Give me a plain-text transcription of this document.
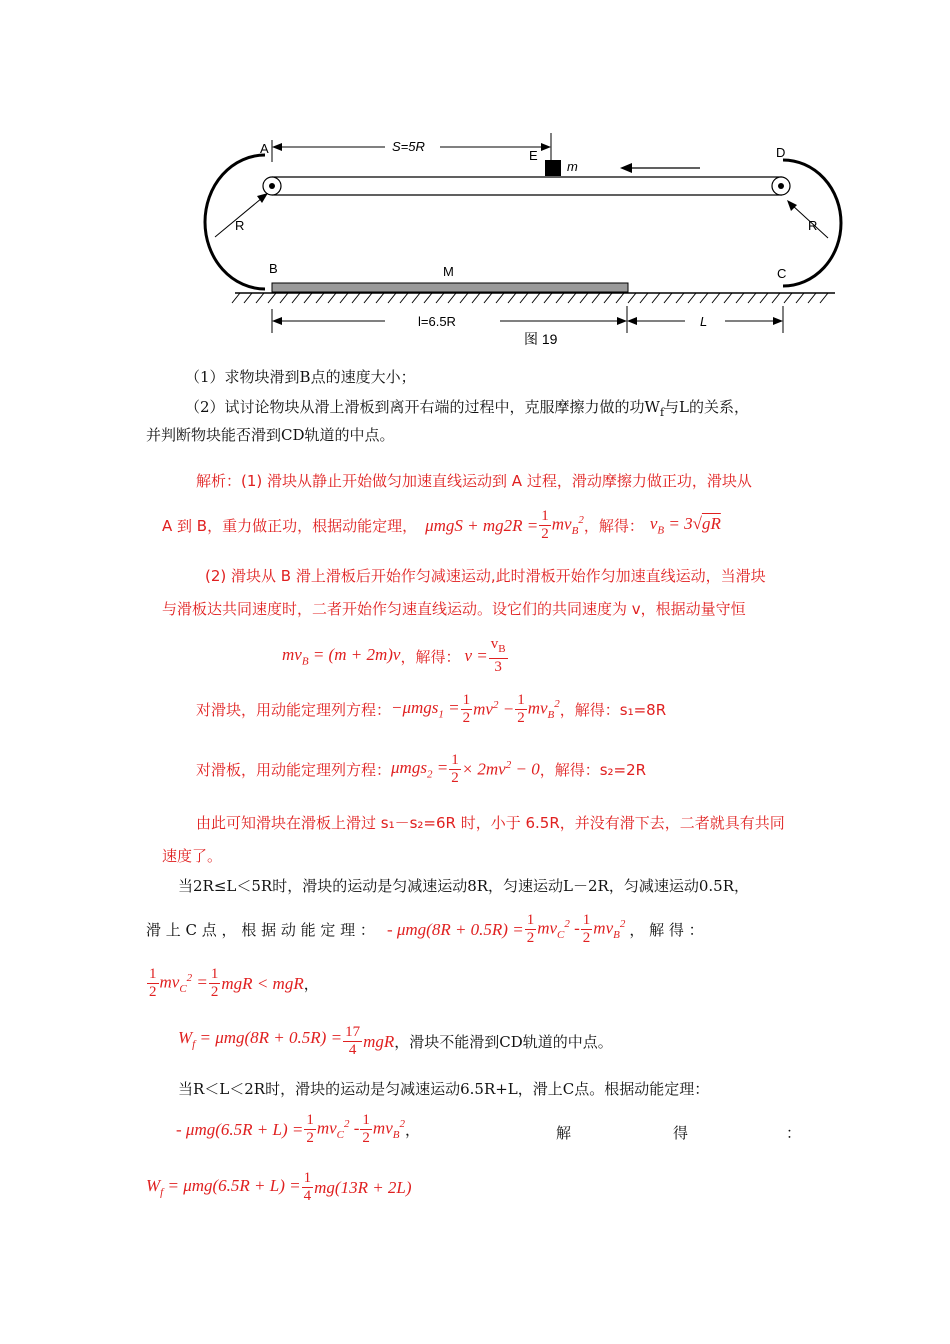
A
B	C
D
E
m
M
R	R
S=5R
l=6.5R	L
图 19
（1）求物块滑到B点的速度大小；
（2）试讨论物块从滑上滑板到离开右端的过程中，克服摩擦力做的功$W_f$与L的关系，
并判断物块能否滑到CD轨道的中点。
解析：(1) 滑块从静止开始做匀加速直线运动到 A 过程，滑动摩擦力做正功，滑块从
A 到 B，重力做正功，根据动能定理， $\mu mgS + mg2R = \frac{1}{2} mv_B^2$ ，解得： $v_B = 3√gR$
(2) 滑块从 B 滑上滑板后开始作匀减速运动,此时滑板开始作匀加速直线运动，当滑块
与滑板达共同速度时，二者开始作匀速直线运动。设它们的共同速度为 v，根据动量守恒
$mv_B = (m + 2m)v$ ，解得： $v = \frac{v_B}{3}$
对滑块，用动能定理列方程： $-\mu mgs_1 = \frac{1}{2} mv^2 - \frac{1}{2} mv_B^2$ ，解得：s₁=8R
对滑板，用动能定理列方程： $\mu mgs_2 = \frac{1}{2} \times 2mv^2 - 0$ ，解得：s₂=2R
由此可知滑块在滑板上滑过 s₁－s₂=6R 时，小于 6.5R，并没有滑下去，二者就具有共同
速度了。
当2R≤L＜5R时，滑块的运动是匀减速运动8R，匀速运动L－2R，匀减速运动0.5R，
滑 上 C 点 ， 根 据 动 能 定 理 ： - $\mu mg(8R + 0.5R) = \frac{1}{2} mv_C^2 - \frac{1}{2} mv_B^2$ ， 解 得 ：
$\frac{1}{2} mv_C^2 = \frac{1}{2}$ mgR < mgR ，
$W_f = \mu mg(8R + 0.5R) = \frac{17}{4}$ mgR ，滑块不能滑到CD轨道的中点。
当R＜L＜2R时，滑块的运动是匀减速运动6.5R+L，滑上C点。根据动能定理：
- $\mu mg(6.5R + L) = \frac{1}{2} mv_C^2 - \frac{1}{2} mv_B^2$ ，	解	得	：
$W_f = \mu mg(6.5R + L) = \frac{1}{4} mg(13R + 2L)$
